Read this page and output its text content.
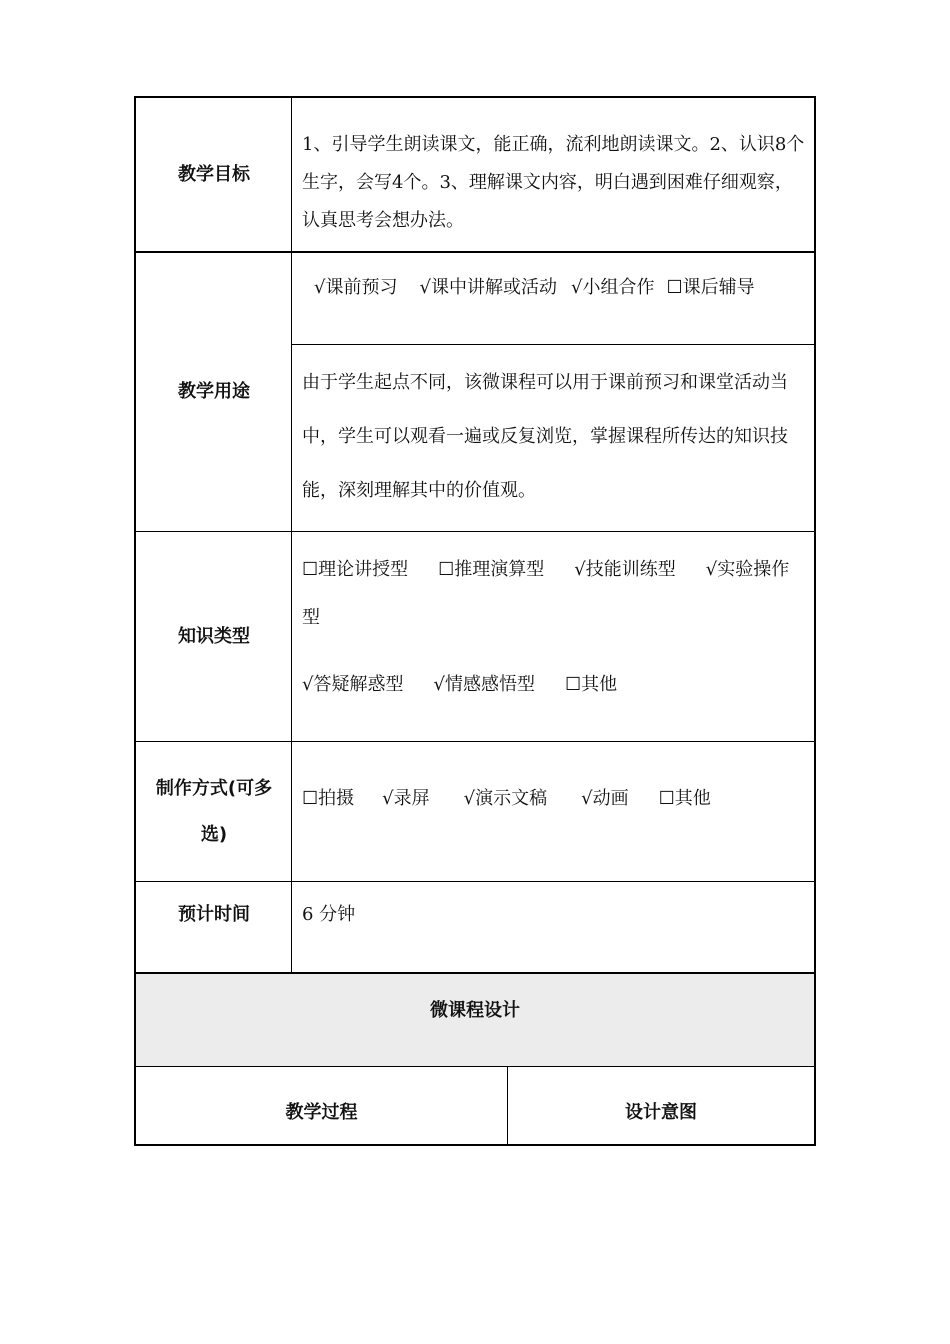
教学目标
1、引导学生朗读课文，能正确，流利地朗读课文。2、认识8个生字，会写4个。3、理解课文内容，明白遇到困难仔细观察，认真思考会想办法。
教学用途
√课前预习 √课中讲解或活动 √小组合作 ☐课后辅导
由于学生起点不同，该微课程可以用于课前预习和课堂活动当中，学生可以观看一遍或反复浏览，掌握课程所传达的知识技能，深刻理解其中的价值观。
知识类型
☐理论讲授型 ☐推理演算型 √技能训练型 √实验操作型
√答疑解惑型 √情感感悟型 ☐其他
制作方式(可多
选)
☐拍摄 √录屏 √演示文稿 √动画 ☐其他
预计时间	6 分钟
微课程设计
教学过程	设计意图
